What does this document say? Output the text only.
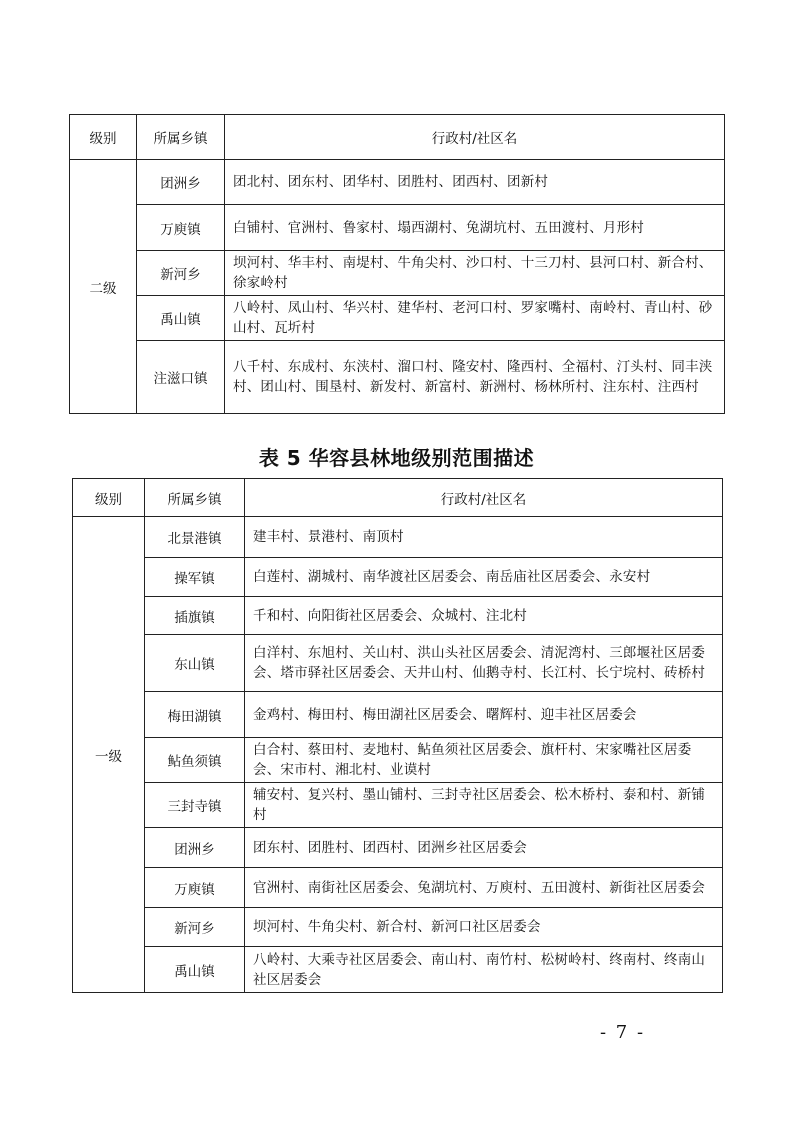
级别	所属乡镇	行政村/社区名
二级	团洲乡	团北村、团东村、团华村、团胜村、团西村、团新村
	万庾镇	白铺村、官洲村、鲁家村、塌西湖村、兔湖坑村、五田渡村、月形村
	新河乡	坝河村、华丰村、南堤村、牛角尖村、沙口村、十三刀村、县河口村、新合村、徐家岭村
	禹山镇	八岭村、凤山村、华兴村、建华村、老河口村、罗家嘴村、南岭村、青山村、砂山村、瓦圻村
	注滋口镇	八千村、东成村、东浃村、溜口村、隆安村、隆西村、全福村、汀头村、同丰浃村、团山村、围垦村、新发村、新富村、新洲村、杨林所村、注东村、注西村
表 5 华容县林地级别范围描述
级别	所属乡镇	行政村/社区名
一级	北景港镇	建丰村、景港村、南顶村
	操军镇	白莲村、湖城村、南华渡社区居委会、南岳庙社区居委会、永安村
	插旗镇	千和村、向阳街社区居委会、众城村、注北村
	东山镇	白洋村、东旭村、关山村、洪山头社区居委会、清泥湾村、三郎堰社区居委会、塔市驿社区居委会、天井山村、仙鹅寺村、长江村、长宁垸村、砖桥村
	梅田湖镇	金鸡村、梅田村、梅田湖社区居委会、曙辉村、迎丰社区居委会
	鲇鱼须镇	白合村、蔡田村、麦地村、鲇鱼须社区居委会、旗杆村、宋家嘴社区居委会、宋市村、湘北村、业谟村
	三封寺镇	辅安村、复兴村、墨山铺村、三封寺社区居委会、松木桥村、泰和村、新铺村
	团洲乡	团东村、团胜村、团西村、团洲乡社区居委会
	万庾镇	官洲村、南街社区居委会、兔湖坑村、万庾村、五田渡村、新街社区居委会
	新河乡	坝河村、牛角尖村、新合村、新河口社区居委会
	禹山镇	八岭村、大乘寺社区居委会、南山村、南竹村、松树岭村、终南村、终南山社区居委会
- 7 -
